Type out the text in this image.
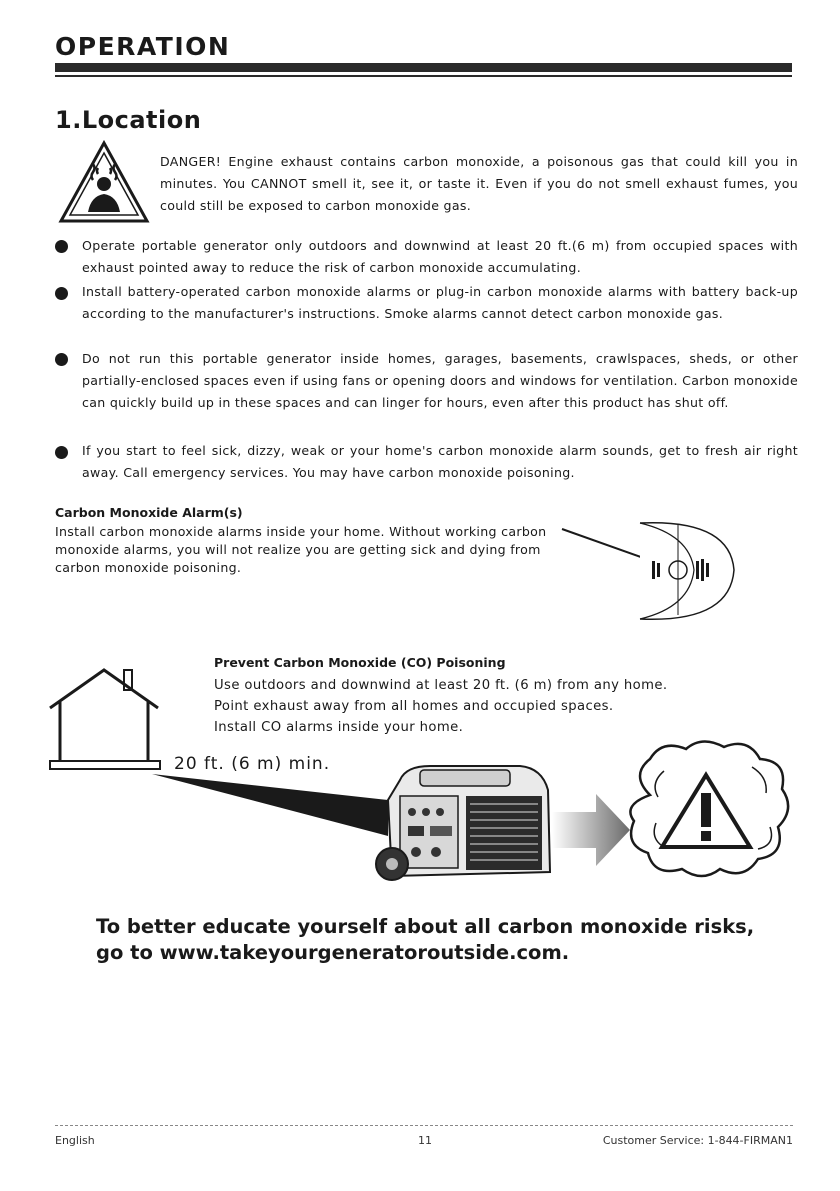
OPERATION
1.Location
DANGER! Engine exhaust contains carbon monoxide, a poisonous gas that could kill you in minutes. You CANNOT smell it, see it, or taste it. Even if you do not smell exhaust fumes, you could still be exposed to carbon monoxide gas.
Operate portable generator only outdoors and downwind at least 20 ft.(6 m) from occupied spaces with exhaust pointed away to reduce the risk of carbon monoxide accumulating.
Install battery-operated carbon monoxide alarms or plug-in carbon monoxide alarms with battery back-up according to the manufacturer's instructions. Smoke alarms cannot detect carbon monoxide gas.
Do not run this portable generator inside homes, garages, basements, crawlspaces, sheds, or other partially-enclosed spaces even if using fans or opening doors and windows for ventilation. Carbon monoxide can quickly build up in these spaces and can linger for hours, even after this product has shut off.
If you start to feel sick, dizzy, weak or your home's carbon monoxide alarm sounds, get to fresh air right away. Call emergency services. You may have carbon monoxide poisoning.
Carbon Monoxide Alarm(s)
Install carbon monoxide alarms inside your home. Without working carbon monoxide alarms, you will not realize you are getting sick and dying from carbon monoxide poisoning.
Prevent Carbon Monoxide (CO) Poisoning
Use outdoors and downwind at least 20 ft. (6 m) from any home.
Point exhaust away from all homes and occupied spaces.
Install CO alarms inside your home.
20 ft. (6 m) min.
To better educate yourself about all carbon monoxide risks,
go to www.takeyourgeneratoroutside.com.
English	11	Customer Service: 1-844-FIRMAN1
